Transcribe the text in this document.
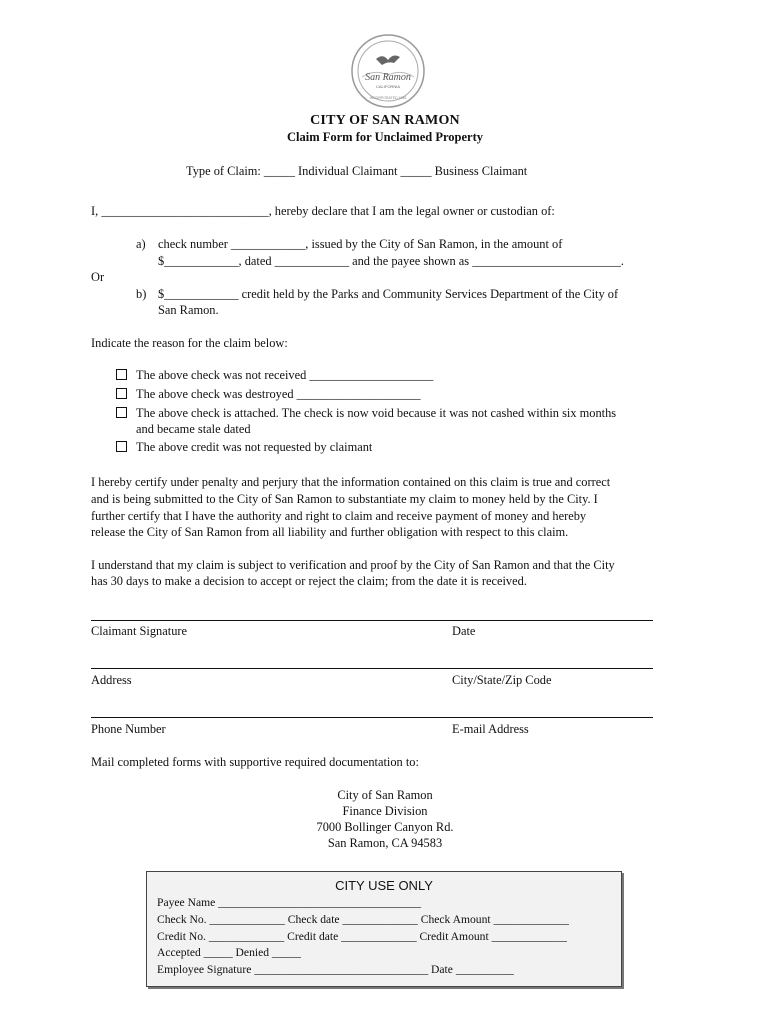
San Ramon
CALIFORNIA
INCORPORATED 1983
CITY OF SAN RAMON
Claim Form for Unclaimed Property
Type of Claim: _____ Individual Claimant _____ Business Claimant
I, ___________________________, hereby declare that I am the legal owner or custodian of:
a) check number ____________, issued by the City of San Ramon, in the amount of
$____________, dated ____________ and the payee shown as ________________________.
Or
b) $____________ credit held by the Parks and Community Services Department of the City of
San Ramon.
Indicate the reason for the claim below:
The above check was not received ____________________
The above check was destroyed ____________________
The above check is attached. The check is now void because it was not cashed within six months
and became stale dated
The above credit was not requested by claimant
I hereby certify under penalty and perjury that the information contained on this claim is true and correct
and is being submitted to the City of San Ramon to substantiate my claim to money held by the City. I
further certify that I have the authority and right to claim and receive payment of money and hereby
release the City of San Ramon from all liability and further obligation with respect to this claim.
I understand that my claim is subject to verification and proof by the City of San Ramon and that the City
has 30 days to make a decision to accept or reject the claim; from the date it is received.
Claimant Signature	Date
Address	City/State/Zip Code
Phone Number	E-mail Address
Mail completed forms with supportive required documentation to:
City of San Ramon
Finance Division
7000 Bollinger Canyon Rd.
San Ramon, CA 94583
CITY USE ONLY
Payee Name ___________________________________
Check No. _____________ Check date _____________ Check Amount _____________
Credit No. _____________ Credit date _____________ Credit Amount _____________
Accepted _____ Denied _____
Employee Signature ______________________________ Date __________
